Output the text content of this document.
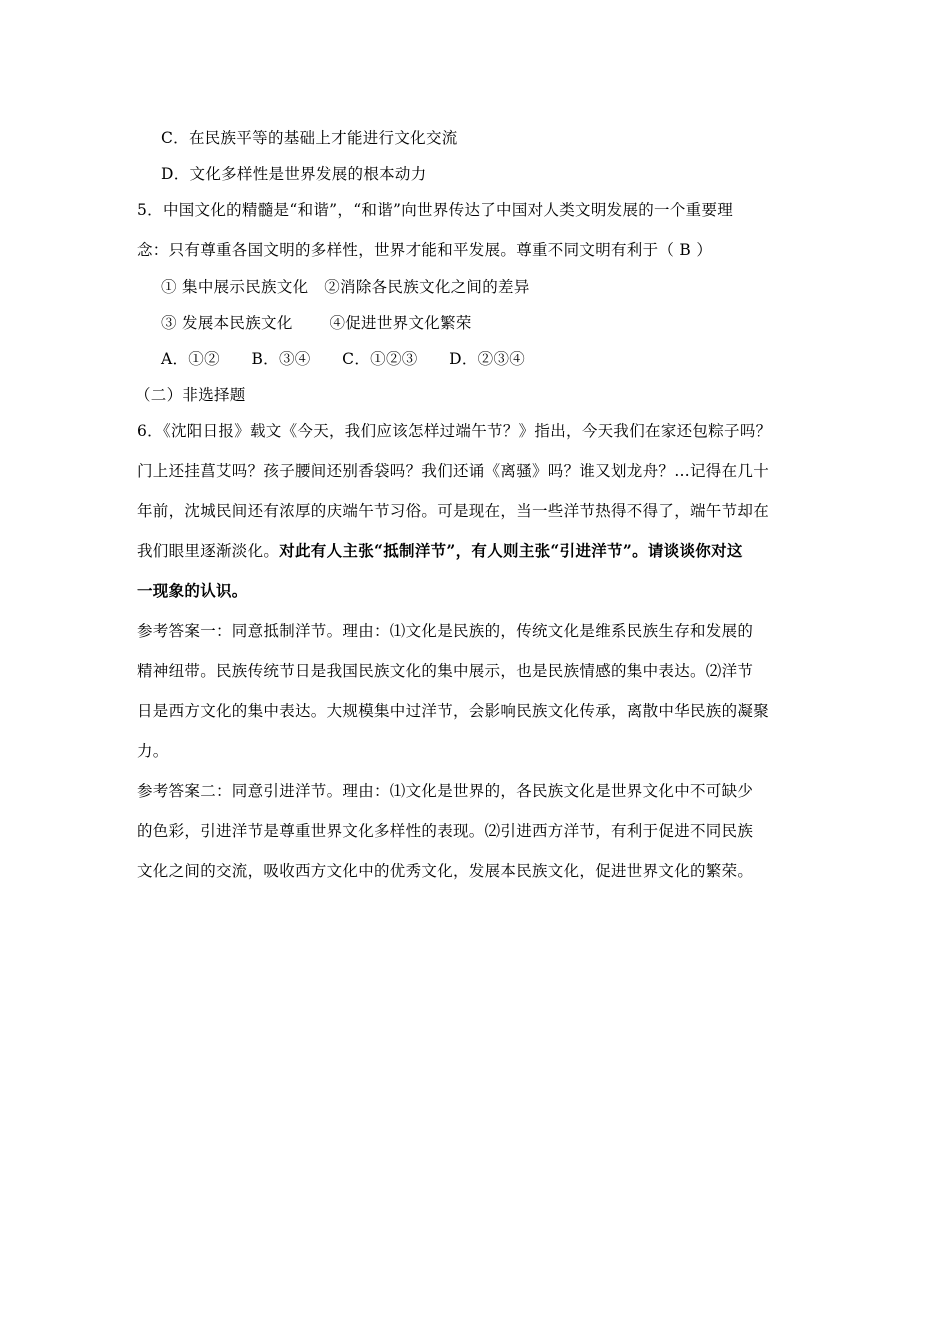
C．在民族平等的基础上才能进行文化交流
D．文化多样性是世界发展的根本动力
5．中国文化的精髓是“和谐”，“和谐”向世界传达了中国对人类文明发展的一个重要理
念：只有尊重各国文明的多样性，世界才能和平发展。尊重不同文明有利于（ B ）
① 集中展示民族文化　②消除各民族文化之间的差异
③ 发展本民族文化　　 ④促进世界文化繁荣
A．①②　　B．③④　　C．①②③　　D．②③④
（二）非选择题
6．《沈阳日报》载文《今天，我们应该怎样过端午节？》指出，今天我们在家还包粽子吗？
门上还挂菖艾吗？孩子腰间还别香袋吗？我们还诵《离骚》吗？谁又划龙舟？…记得在几十
年前，沈城民间还有浓厚的庆端午节习俗。可是现在，当一些洋节热得不得了，端午节却在
我们眼里逐渐淡化。对此有人主张“抵制洋节”，有人则主张“引进洋节”。请谈谈你对这
一现象的认识。
参考答案一：同意抵制洋节。理由：⑴文化是民族的，传统文化是维系民族生存和发展的
精神纽带。民族传统节日是我国民族文化的集中展示，也是民族情感的集中表达。⑵洋节
日是西方文化的集中表达。大规模集中过洋节，会影响民族文化传承，离散中华民族的凝聚
力。
参考答案二：同意引进洋节。理由：⑴文化是世界的，各民族文化是世界文化中不可缺少
的色彩，引进洋节是尊重世界文化多样性的表现。⑵引进西方洋节，有利于促进不同民族
文化之间的交流，吸收西方文化中的优秀文化，发展本民族文化，促进世界文化的繁荣。
